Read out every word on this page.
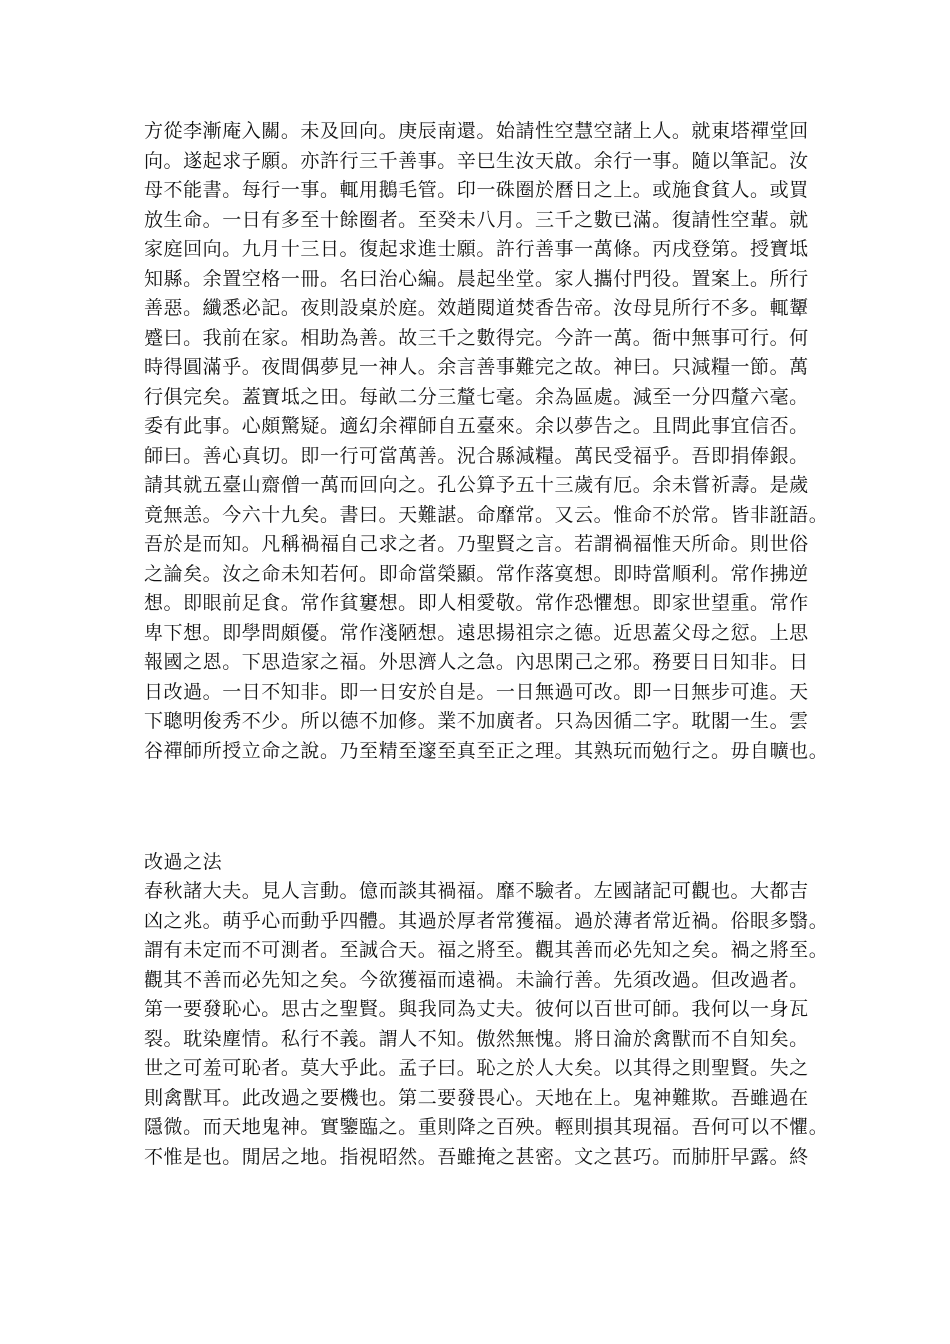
方從李漸庵入關。未及回向。庚辰南還。始請性空慧空諸上人。就東塔禪堂回
向。遂起求子願。亦許行三千善事。辛巳生汝天啟。余行一事。隨以筆記。汝
母不能書。每行一事。輒用鵝毛管。印一硃圈於曆日之上。或施食貧人。或買
放生命。一日有多至十餘圈者。至癸未八月。三千之數已滿。復請性空輩。就
家庭回向。九月十三日。復起求進士願。許行善事一萬條。丙戌登第。授寶坻
知縣。余置空格一冊。名曰治心編。晨起坐堂。家人攜付門役。置案上。所行
善惡。纖悉必記。夜則設桌於庭。效趙閱道焚香告帝。汝母見所行不多。輒顰
蹙曰。我前在家。相助為善。故三千之數得完。今許一萬。衙中無事可行。何
時得圓滿乎。夜間偶夢見一神人。余言善事難完之故。神曰。只減糧一節。萬
行俱完矣。蓋寶坻之田。每畝二分三釐七毫。余為區處。減至一分四釐六毫。
委有此事。心頗驚疑。適幻余禪師自五臺來。余以夢告之。且問此事宜信否。
師曰。善心真切。即一行可當萬善。況合縣減糧。萬民受福乎。吾即捐俸銀。
請其就五臺山齋僧一萬而回向之。孔公算予五十三歲有厄。余未嘗祈壽。是歲
竟無恙。今六十九矣。書曰。天難諶。命靡常。又云。惟命不於常。皆非誑語。
吾於是而知。凡稱禍福自己求之者。乃聖賢之言。若謂禍福惟天所命。則世俗
之論矣。汝之命未知若何。即命當榮顯。常作落寞想。即時當順利。常作拂逆
想。即眼前足食。常作貧窶想。即人相愛敬。常作恐懼想。即家世望重。常作
卑下想。即學問頗優。常作淺陋想。遠思揚祖宗之德。近思蓋父母之愆。上思
報國之恩。下思造家之福。外思濟人之急。內思閑己之邪。務要日日知非。日
日改過。一日不知非。即一日安於自是。一日無過可改。即一日無步可進。天
下聰明俊秀不少。所以德不加修。業不加廣者。只為因循二字。耽閣一生。雲
谷禪師所授立命之說。乃至精至邃至真至正之理。其熟玩而勉行之。毋自曠也。
改過之法
春秋諸大夫。見人言動。億而談其禍福。靡不驗者。左國諸記可觀也。大都吉
凶之兆。萌乎心而動乎四體。其過於厚者常獲福。過於薄者常近禍。俗眼多翳。
謂有未定而不可測者。至誠合天。福之將至。觀其善而必先知之矣。禍之將至。
觀其不善而必先知之矣。今欲獲福而遠禍。未論行善。先須改過。但改過者。
第一要發恥心。思古之聖賢。與我同為丈夫。彼何以百世可師。我何以一身瓦
裂。耽染塵情。私行不義。謂人不知。傲然無愧。將日淪於禽獸而不自知矣。
世之可羞可恥者。莫大乎此。孟子曰。恥之於人大矣。以其得之則聖賢。失之
則禽獸耳。此改過之要機也。第二要發畏心。天地在上。鬼神難欺。吾雖過在
隱微。而天地鬼神。實鑒臨之。重則降之百殃。輕則損其現福。吾何可以不懼。
不惟是也。閒居之地。指視昭然。吾雖掩之甚密。文之甚巧。而肺肝早露。終
